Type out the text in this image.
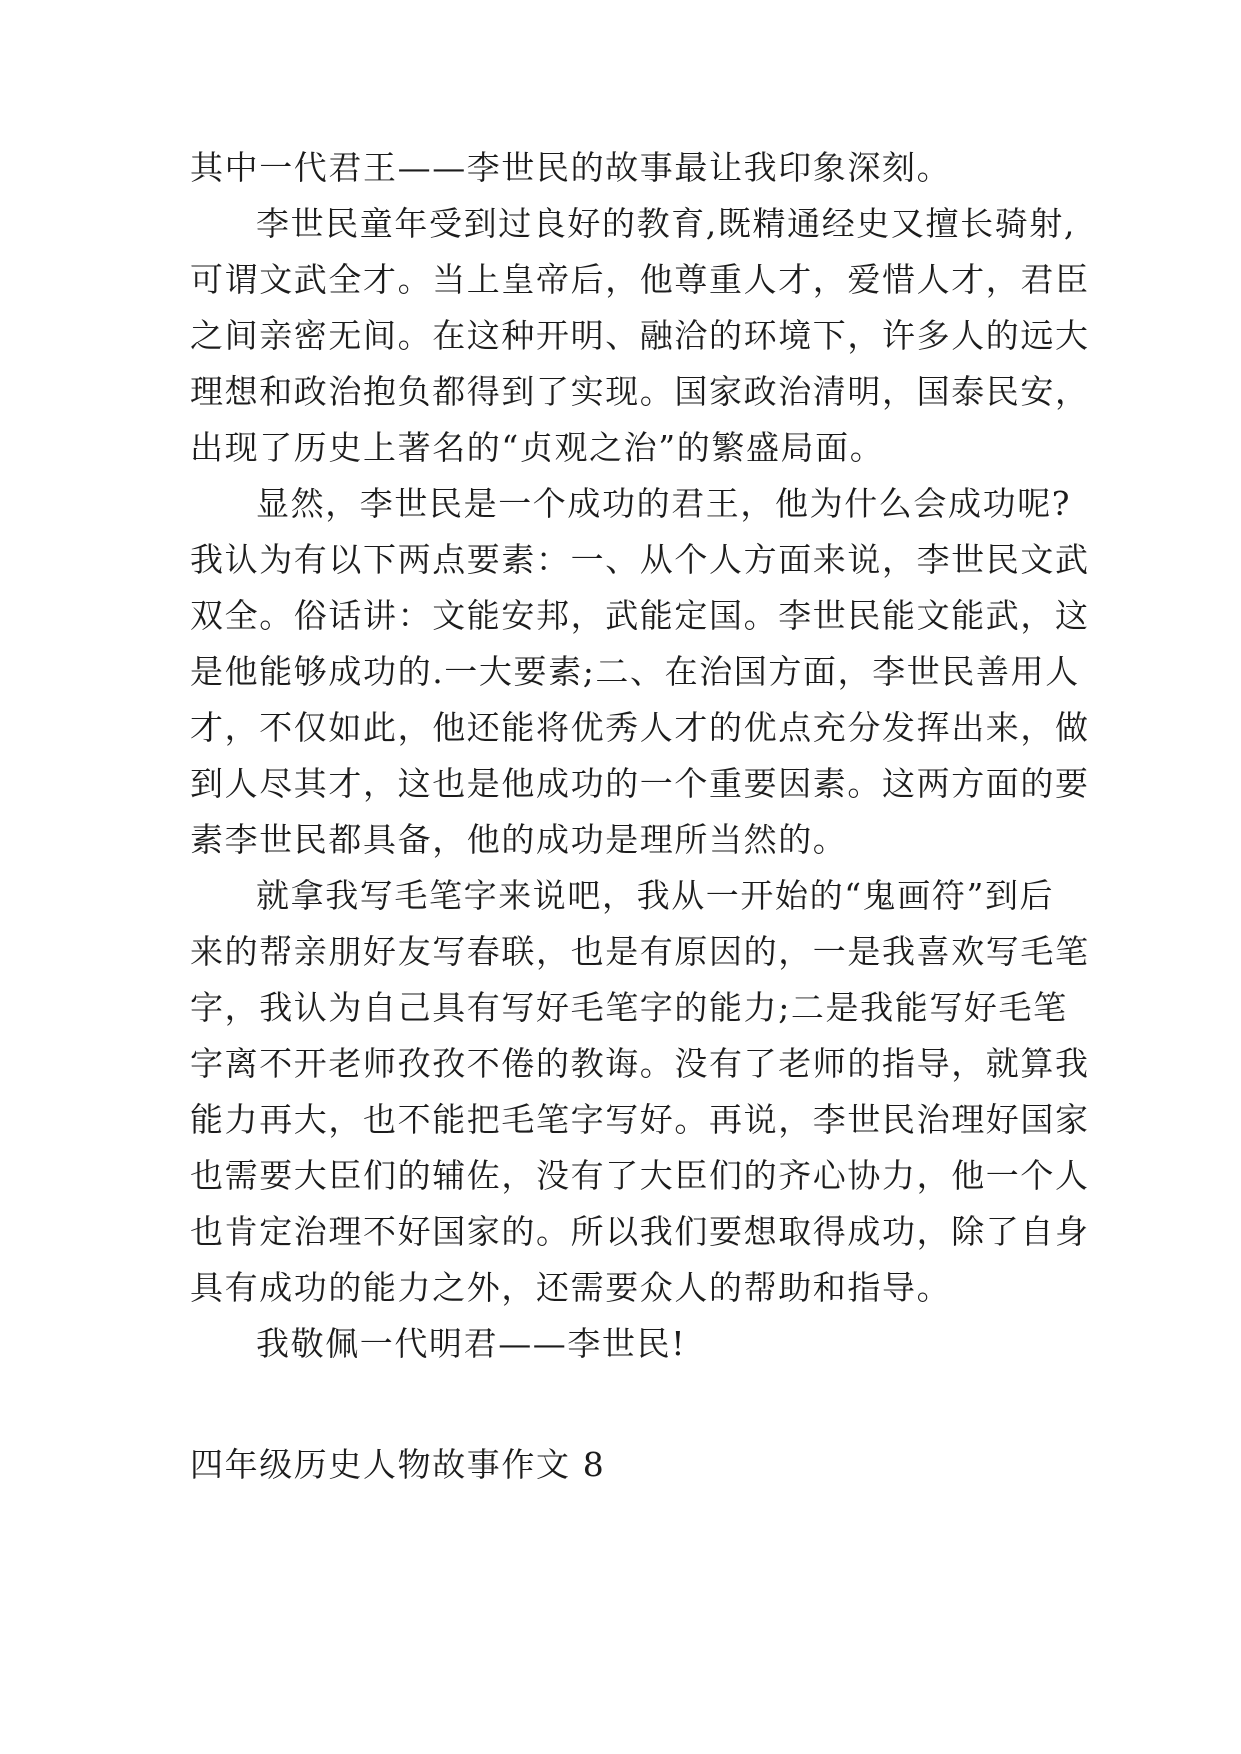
其中一代君王——李世民的故事最让我印象深刻。
李世民童年受到过良好的教育,既精通经史又擅长骑射,
可谓文武全才。当上皇帝后，他尊重人才，爱惜人才，君臣
之间亲密无间。在这种开明、融洽的环境下，许多人的远大
理想和政治抱负都得到了实现。国家政治清明，国泰民安，
出现了历史上著名的“贞观之治”的繁盛局面。
显然，李世民是一个成功的君王，他为什么会成功呢?
我认为有以下两点要素：一、从个人方面来说，李世民文武
双全。俗话讲：文能安邦，武能定国。李世民能文能武，这
是他能够成功的.一大要素;二、在治国方面，李世民善用人
才，不仅如此，他还能将优秀人才的优点充分发挥出来，做
到人尽其才，这也是他成功的一个重要因素。这两方面的要
素李世民都具备，他的成功是理所当然的。
就拿我写毛笔字来说吧，我从一开始的“鬼画符”到后
来的帮亲朋好友写春联，也是有原因的，一是我喜欢写毛笔
字，我认为自己具有写好毛笔字的能力;二是我能写好毛笔
字离不开老师孜孜不倦的教诲。没有了老师的指导，就算我
能力再大，也不能把毛笔字写好。再说，李世民治理好国家
也需要大臣们的辅佐，没有了大臣们的齐心协力，他一个人
也肯定治理不好国家的。所以我们要想取得成功，除了自身
具有成功的能力之外，还需要众人的帮助和指导。
我敬佩一代明君——李世民!
四年级历史人物故事作文 8
